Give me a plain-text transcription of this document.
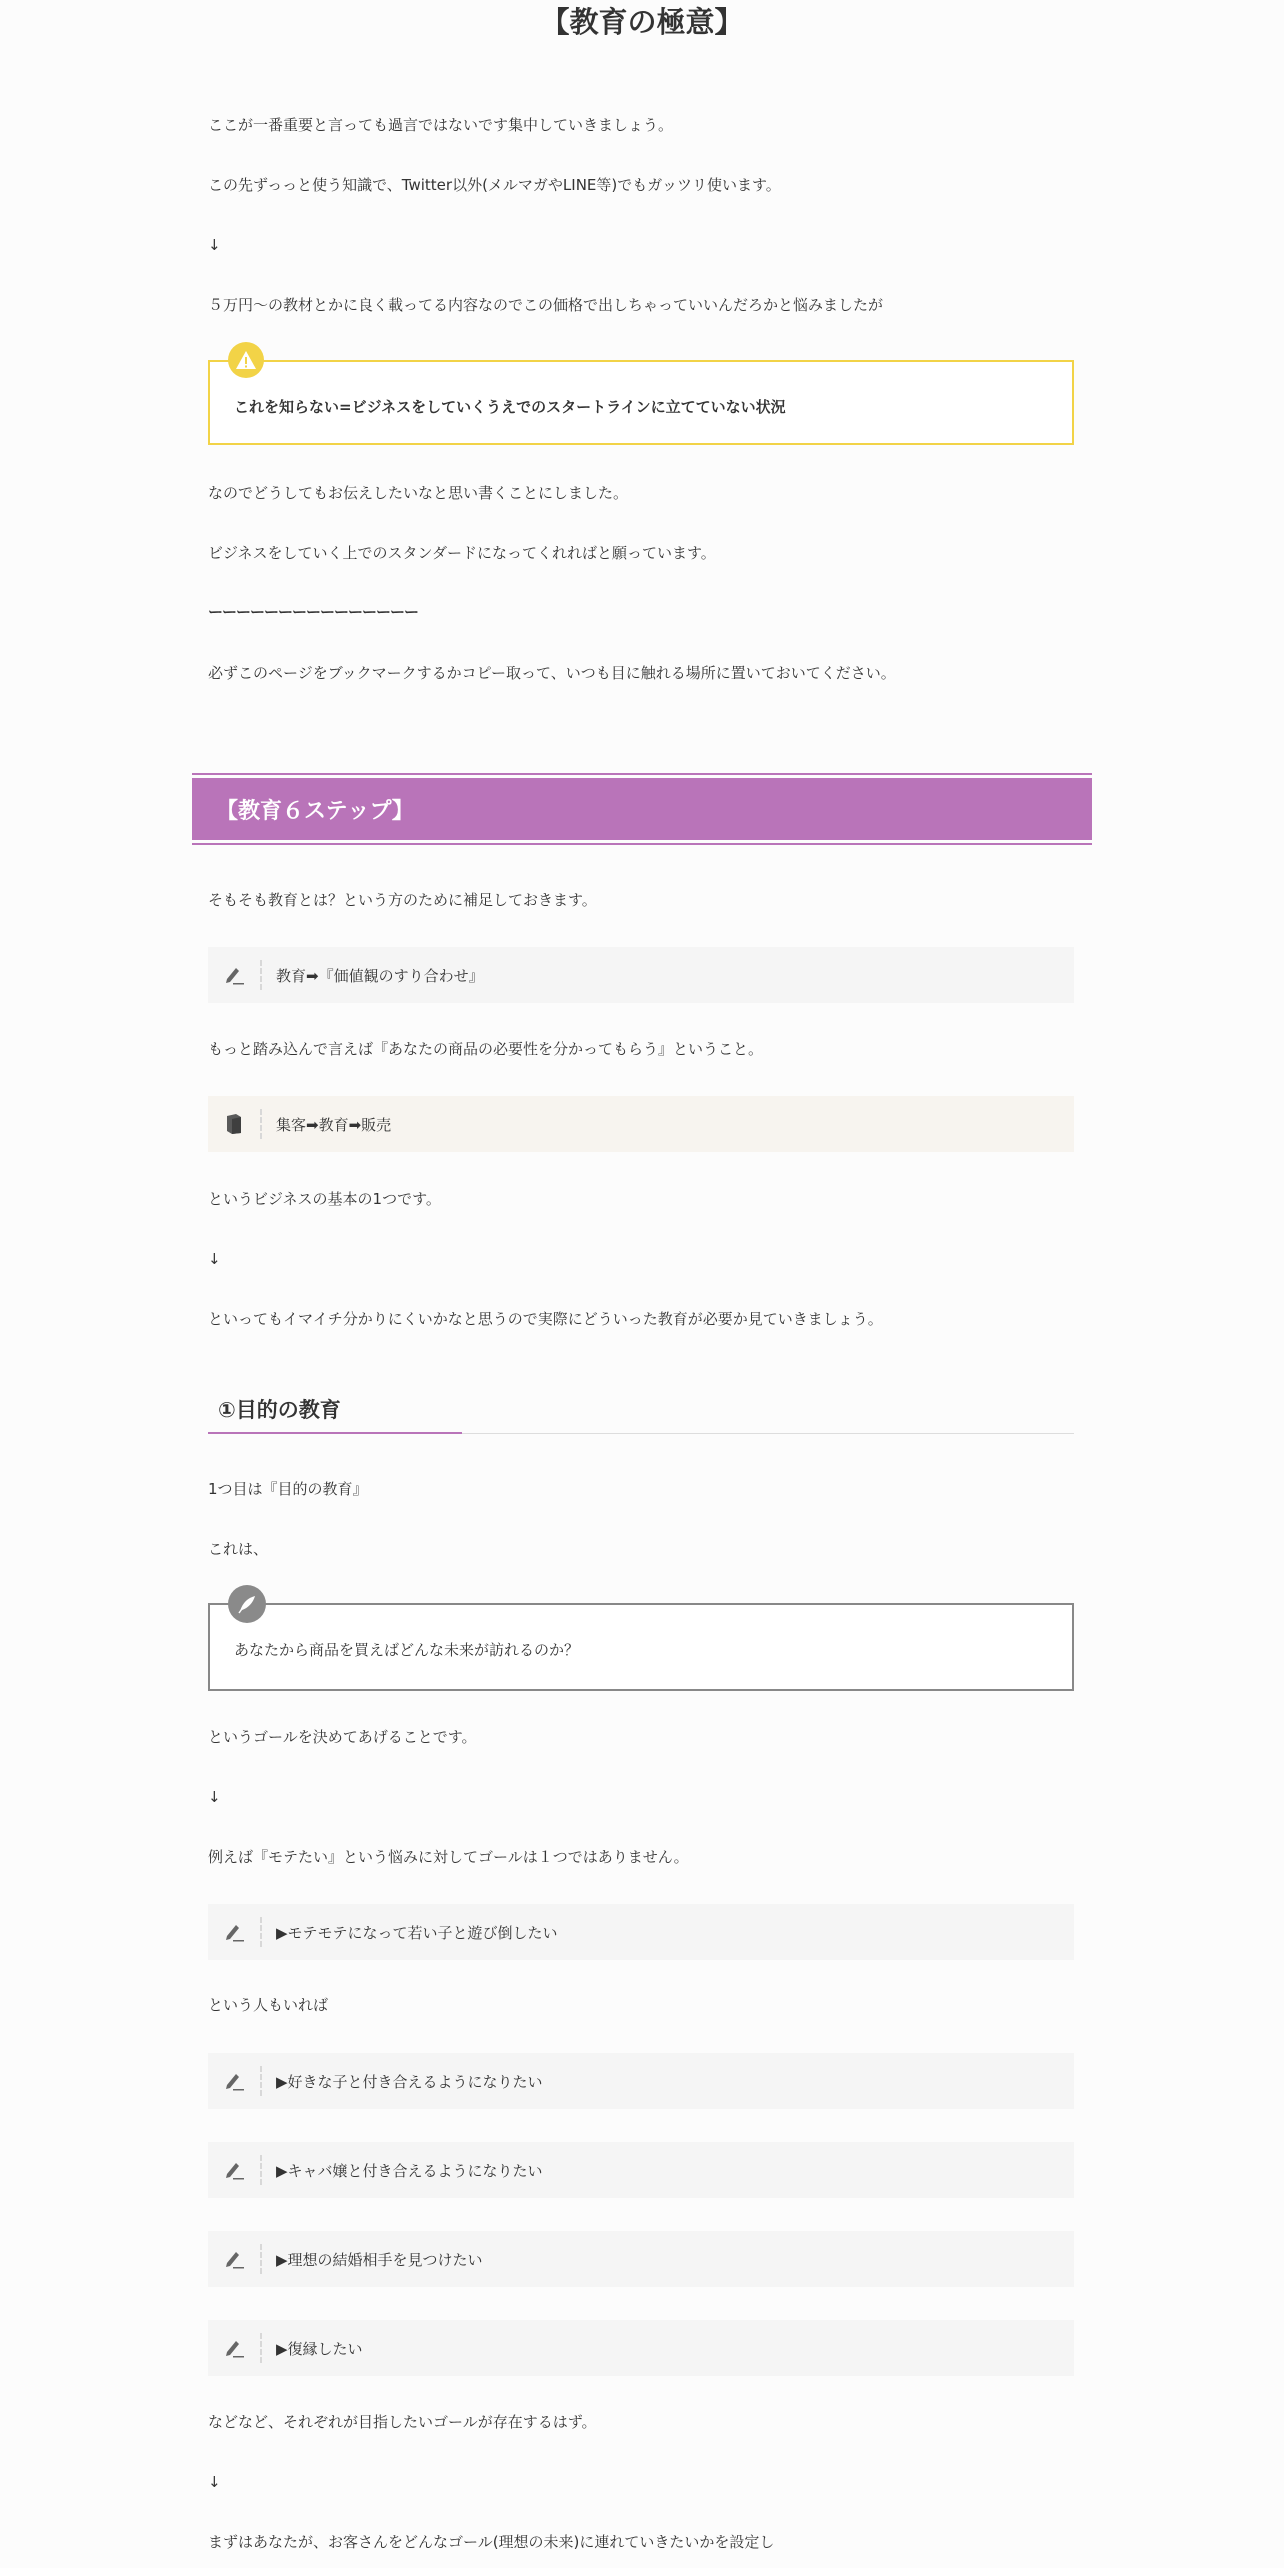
【教育の極意】

ここが一番重要と言っても過言ではないです集中していきましょう。

この先ずっっと使う知識で、Twitter以外(メルマガやLINE等)でもガッツリ使います。

↓

５万円～の教材とかに良く載ってる内容なのでこの価格で出しちゃっていいんだろかと悩みましたが

これを知らない=ビジネスをしていくうえでのスタートラインに立てていない状況

なのでどうしてもお伝えしたいなと思い書くことにしました。

ビジネスをしていく上でのスタンダードになってくれればと願っています。

ーーーーーーーーーーーーーーー

必ずこのページをブックマークするかコピー取って、いつも目に触れる場所に置いておいてください。

【教育６ステップ】

そもそも教育とは？という方のために補足しておきます。

教育➡『価値観のすり合わせ』

もっと踏み込んで言えば『あなたの商品の必要性を分かってもらう』ということ。

集客➡教育➡販売

というビジネスの基本の1つです。

↓

といってもイマイチ分かりにくいかなと思うので実際にどういった教育が必要か見ていきましょう。

①目的の教育

1つ目は『目的の教育』

これは、

あなたから商品を買えばどんな未来が訪れるのか？

というゴールを決めてあげることです。

↓

例えば『モテたい』という悩みに対してゴールは１つではありません。

▶モテモテになって若い子と遊び倒したい

という人もいれば

▶好きな子と付き合えるようになりたい
▶キャバ嬢と付き合えるようになりたい
▶理想の結婚相手を見つけたい
▶復縁したい

などなど、それぞれが目指したいゴールが存在するはず。

↓

まずはあなたが、お客さんをどんなゴール(理想の未来)に連れていきたいかを設定し
